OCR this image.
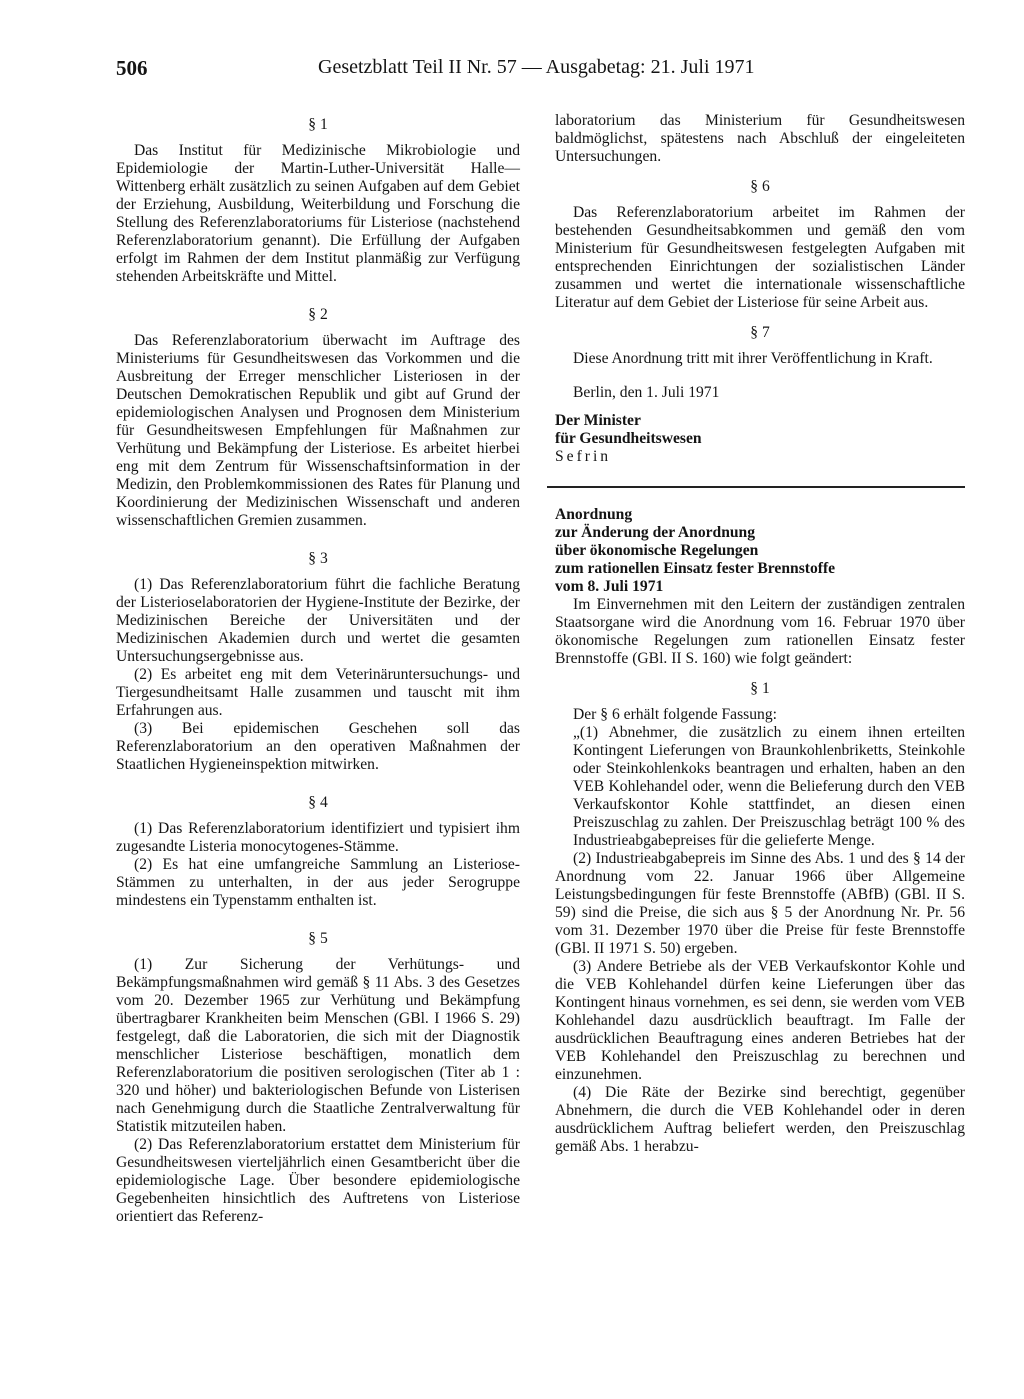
506	Gesetzblatt Teil II Nr. 57 — Ausgabetag: 21. Juli 1971
§ 1

Das Institut für Medizinische Mikrobiologie und Epidemiologie der Martin-Luther-Universität Halle—Wittenberg erhält zusätzlich zu seinen Aufgaben auf dem Gebiet der Erziehung, Ausbildung, Weiterbildung und Forschung die Stellung des Referenzlaboratoriums für Listeriose (nachstehend Referenzlaboratorium genannt). Die Erfüllung der Aufgaben erfolgt im Rahmen der dem Institut planmäßig zur Verfügung stehenden Arbeitskräfte und Mittel.

§ 2

Das Referenzlaboratorium überwacht im Auftrage des Ministeriums für Gesundheitswesen das Vorkommen und die Ausbreitung der Erreger menschlicher Listeriosen in der Deutschen Demokratischen Republik und gibt auf Grund der epidemiologischen Analysen und Prognosen dem Ministerium für Gesundheitswesen Empfehlungen für Maßnahmen zur Verhütung und Bekämpfung der Listeriose. Es arbeitet hierbei eng mit dem Zentrum für Wissenschaftsinformation in der Medizin, den Problemkommissionen des Rates für Planung und Koordinierung der Medizinischen Wissenschaft und anderen wissenschaftlichen Gremien zusammen.

§ 3

(1) Das Referenzlaboratorium führt die fachliche Beratung der Listerioselaboratorien der Hygiene-Institute der Bezirke, der Medizinischen Bereiche der Universitäten und der Medizinischen Akademien durch und wertet die gesamten Untersuchungsergebnisse aus.

(2) Es arbeitet eng mit dem Veterinäruntersuchungs- und Tiergesundheitsamt Halle zusammen und tauscht mit ihm Erfahrungen aus.

(3) Bei epidemischen Geschehen soll das Referenzlaboratorium an den operativen Maßnahmen der Staatlichen Hygieneinspektion mitwirken.

§ 4

(1) Das Referenzlaboratorium identifiziert und typisiert ihm zugesandte Listeria monocytogenes-Stämme.

(2) Es hat eine umfangreiche Sammlung an Listeriose-Stämmen zu unterhalten, in der aus jeder Serogruppe mindestens ein Typenstamm enthalten ist.

§ 5

(1) Zur Sicherung der Verhütungs- und Bekämpfungsmaßnahmen wird gemäß § 11 Abs. 3 des Gesetzes vom 20. Dezember 1965 zur Verhütung und Bekämpfung übertragbarer Krankheiten beim Menschen (GBl. I 1966 S. 29) festgelegt, daß die Laboratorien, die sich mit der Diagnostik menschlicher Listeriose beschäftigen, monatlich dem Referenzlaboratorium die positiven serologischen (Titer ab 1 : 320 und höher) und bakteriologischen Befunde von Listerisen nach Genehmigung durch die Staatliche Zentralverwaltung für Statistik mitzuteilen haben.

(2) Das Referenzlaboratorium erstattet dem Ministerium für Gesundheitswesen vierteljährlich einen Gesamtbericht über die epidemiologische Lage. Über besondere epidemiologische Gegebenheiten hinsichtlich des Auftretens von Listeriose orientiert das Referenz-

laboratorium das Ministerium für Gesundheitswesen baldmöglichst, spätestens nach Abschluß der eingeleiteten Untersuchungen.

§ 6

Das Referenzlaboratorium arbeitet im Rahmen der bestehenden Gesundheitsabkommen und gemäß den vom Ministerium für Gesundheitswesen festgelegten Aufgaben mit entsprechenden Einrichtungen der sozialistischen Länder zusammen und wertet die internationale wissenschaftliche Literatur auf dem Gebiet der Listeriose für seine Arbeit aus.

§ 7

Diese Anordnung tritt mit ihrer Veröffentlichung in Kraft.

Berlin, den 1. Juli 1971

Der Minister

für Gesundheitswesen

Sefrin

Anordnung

zur Änderung der Anordnung

über ökonomische Regelungen

zum rationellen Einsatz fester Brennstoffe

vom 8. Juli 1971

Im Einvernehmen mit den Leitern der zuständigen zentralen Staatsorgane wird die Anordnung vom 16. Februar 1970 über ökonomische Regelungen zum rationellen Einsatz fester Brennstoffe (GBl. II S. 160) wie folgt geändert:

§ 1

Der § 6 erhält folgende Fassung:

„(1) Abnehmer, die zusätzlich zu einem ihnen erteilten Kontingent Lieferungen von Braunkohlenbriketts, Steinkohle oder Steinkohlenkoks beantragen und erhalten, haben an den VEB Kohlehandel oder, wenn die Belieferung durch den VEB Verkaufskontor Kohle stattfindet, an diesen einen Preiszuschlag zu zahlen. Der Preiszuschlag beträgt 100 % des Industrieabgabepreises für die gelieferte Menge.

(2) Industrieabgabepreis im Sinne des Abs. 1 und des § 14 der Anordnung vom 22. Januar 1966 über Allgemeine Leistungsbedingungen für feste Brennstoffe (ABfB) (GBl. II S. 59) sind die Preise, die sich aus § 5 der Anordnung Nr. Pr. 56 vom 31. Dezember 1970 über die Preise für feste Brennstoffe (GBl. II 1971 S. 50) ergeben.

(3) Andere Betriebe als der VEB Verkaufskontor Kohle und die VEB Kohlehandel dürfen keine Lieferungen über das Kontingent hinaus vornehmen, es sei denn, sie werden vom VEB Kohlehandel dazu ausdrücklich beauftragt. Im Falle der ausdrücklichen Beauftragung eines anderen Betriebes hat der VEB Kohlehandel den Preiszuschlag zu berechnen und einzunehmen.

(4) Die Räte der Bezirke sind berechtigt, gegenüber Abnehmern, die durch die VEB Kohlehandel oder in deren ausdrücklichem Auftrag beliefert werden, den Preiszuschlag gemäß Abs. 1 herabzu-
